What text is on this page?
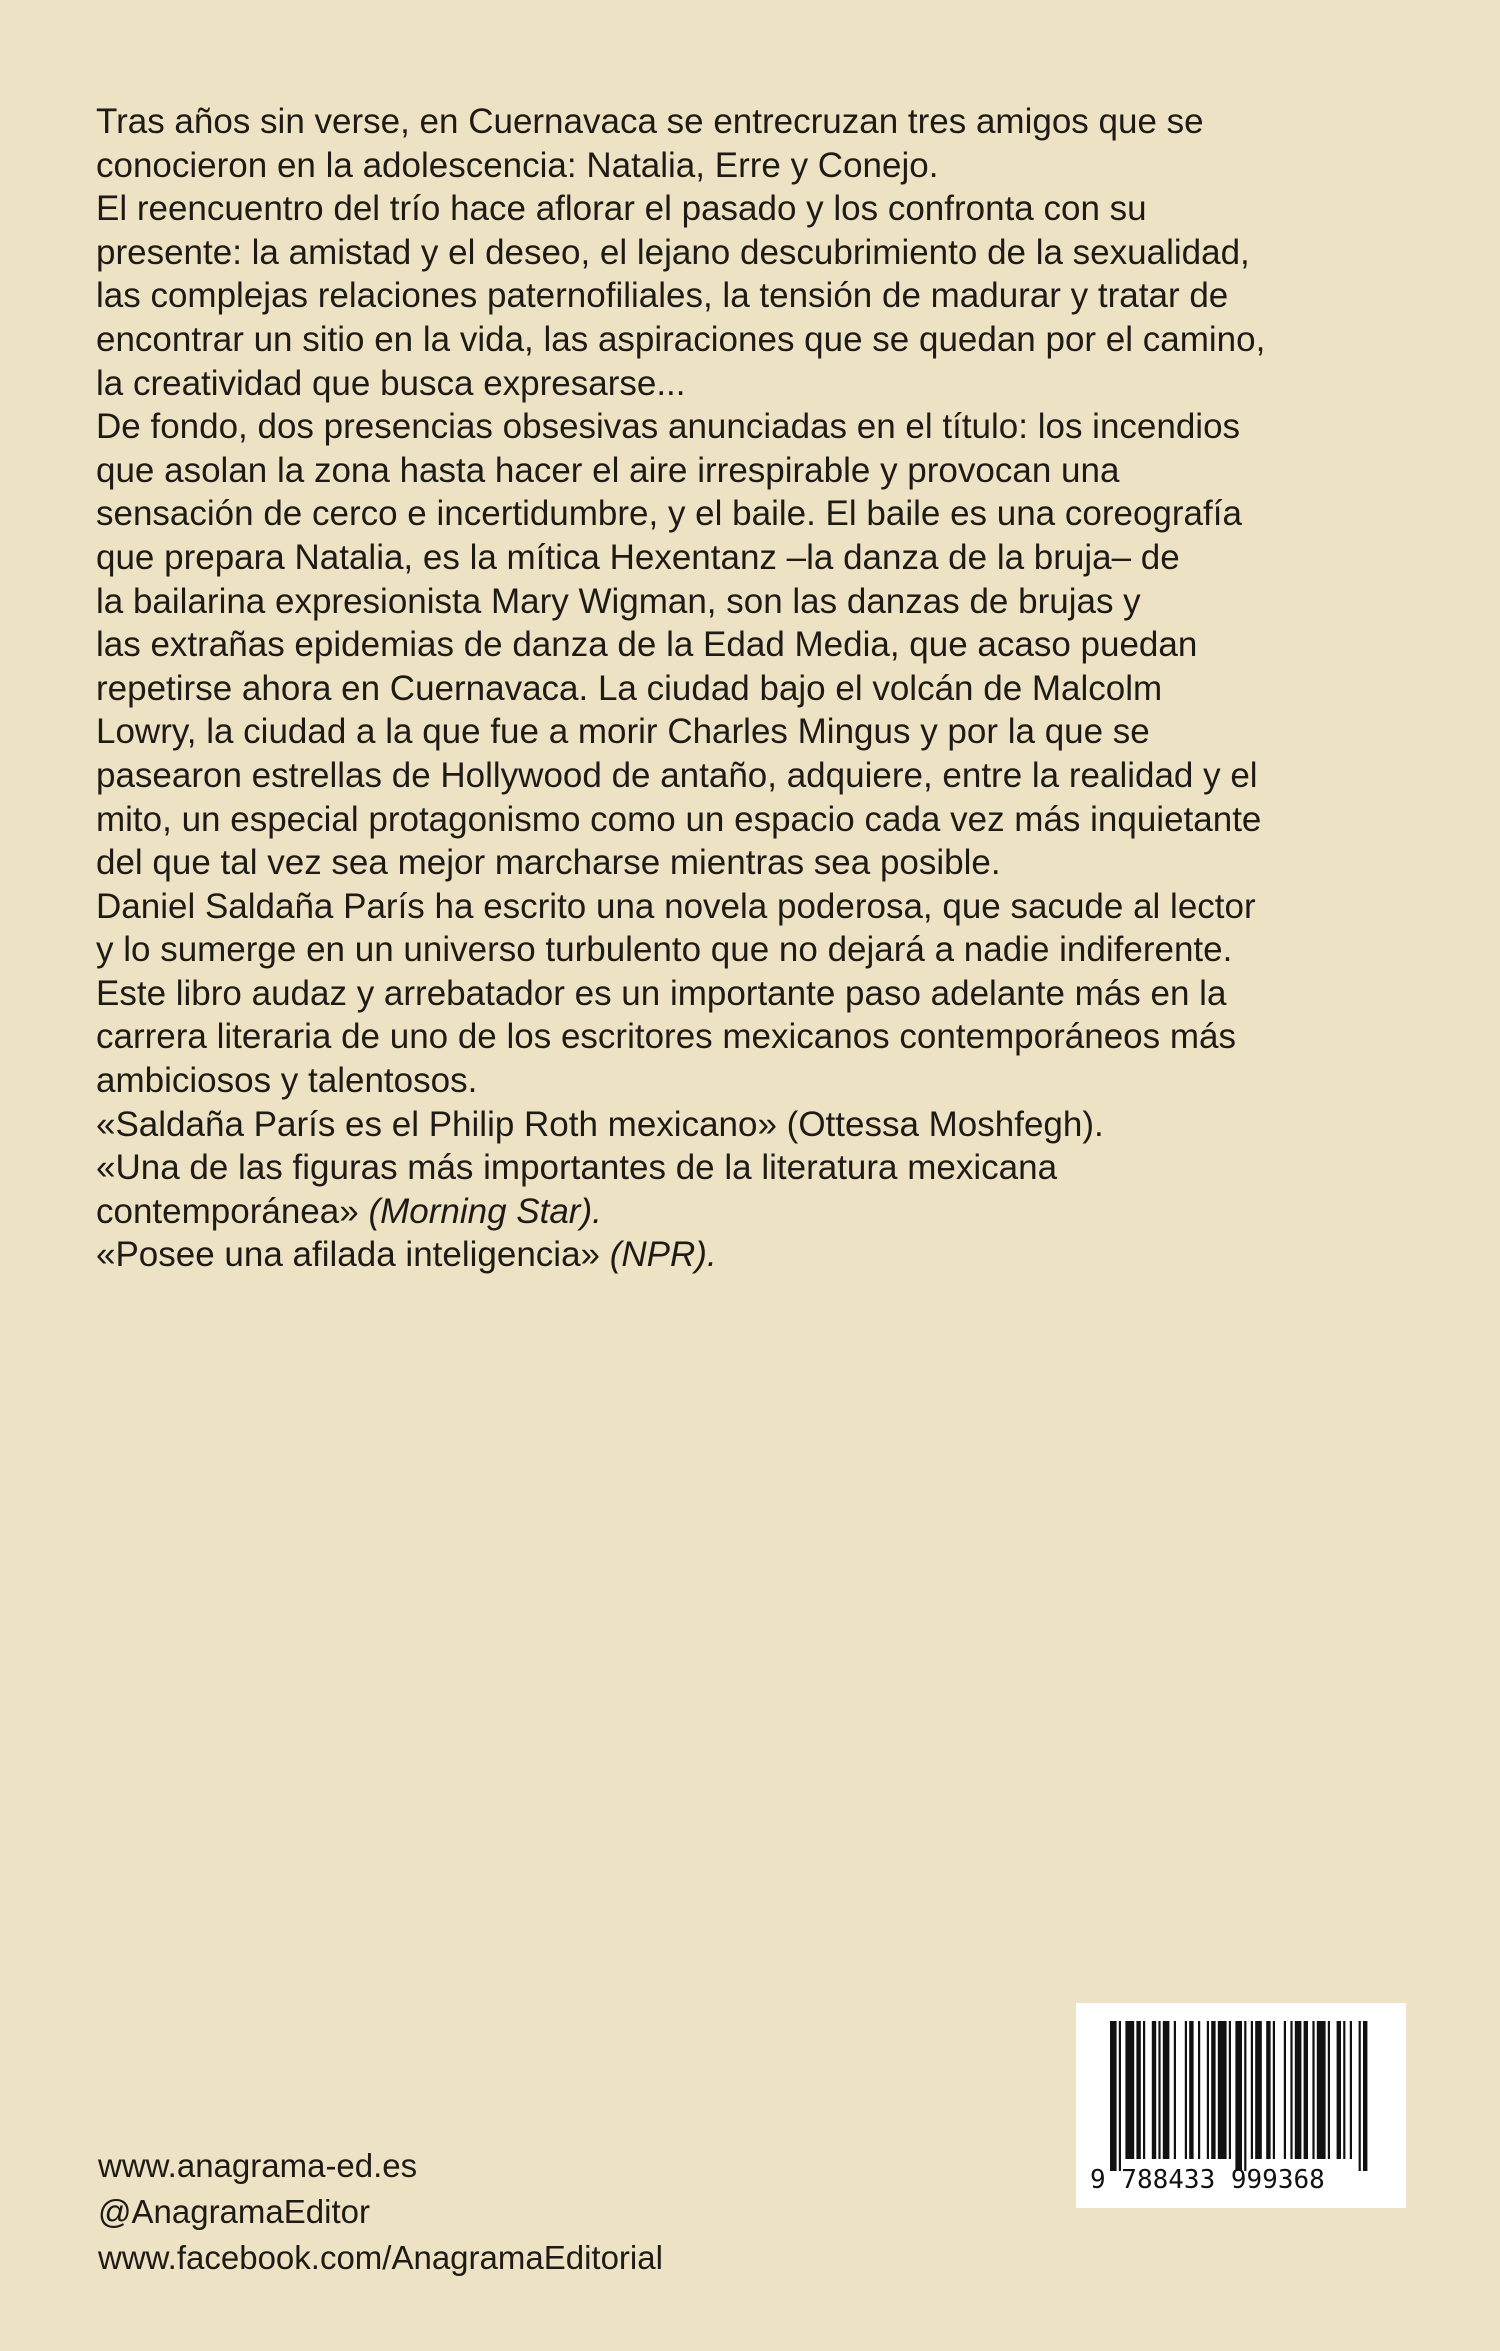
Tras años sin verse, en Cuernavaca se entrecruzan tres amigos que se

conocieron en la adolescencia: Natalia, Erre y Conejo.

El reencuentro del trío hace aflorar el pasado y los confronta con su

presente: la amistad y el deseo, el lejano descubrimiento de la sexualidad,

las complejas relaciones paternofiliales, la tensión de madurar y tratar de

encontrar un sitio en la vida, las aspiraciones que se quedan por el camino,

la creatividad que busca expresarse...

De fondo, dos presencias obsesivas anunciadas en el título: los incendios

que asolan la zona hasta hacer el aire irrespirable y provocan una

sensación de cerco e incertidumbre, y el baile. El baile es una coreografía

que prepara Natalia, es la mítica Hexentanz –la danza de la bruja– de

la bailarina expresionista Mary Wigman, son las danzas de brujas y

las extrañas epidemias de danza de la Edad Media, que acaso puedan

repetirse ahora en Cuernavaca. La ciudad bajo el volcán de Malcolm

Lowry, la ciudad a la que fue a morir Charles Mingus y por la que se

pasearon estrellas de Hollywood de antaño, adquiere, entre la realidad y el

mito, un especial protagonismo como un espacio cada vez más inquietante

del que tal vez sea mejor marcharse mientras sea posible.

Daniel Saldaña París ha escrito una novela poderosa, que sacude al lector

y lo sumerge en un universo turbulento que no dejará a nadie indiferente.

Este libro audaz y arrebatador es un importante paso adelante más en la

carrera literaria de uno de los escritores mexicanos contemporáneos más

ambiciosos y talentosos.

«Saldaña París es el Philip Roth mexicano» (Ottessa Moshfegh).

«Una de las figuras más importantes de la literatura mexicana contemporánea» (Morning Star).

«Posee una afilada inteligencia» (NPR).

www.anagrama-ed.es
@AnagramaEditor
www.facebook.com/AnagramaEditorial
9 788433 999368
